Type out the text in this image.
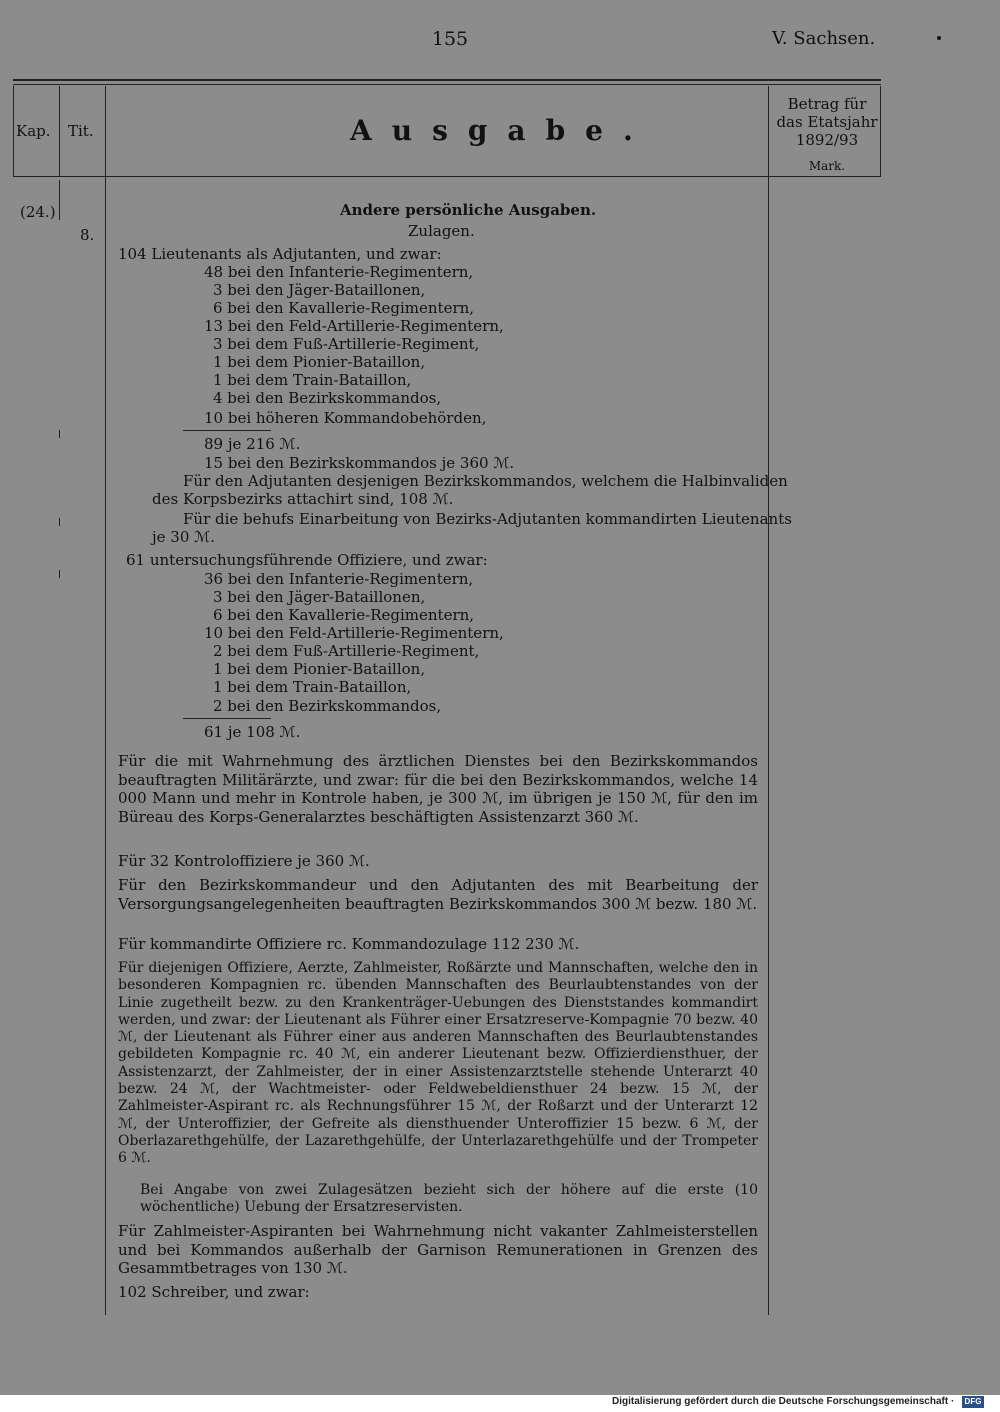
155	V. Sachsen.
Kap. Tit.	Ausgabe.
Betrag für
das Etatsjahr
1892/93
Mark.
(24.)
8.
Andere persönliche Ausgaben.
Zulagen.
104 Lieutenants als Adjutanten, und zwar:
48 bei den Infanterie-Regimentern,
3 bei den Jäger-Bataillonen,
6 bei den Kavallerie-Regimentern,
13 bei den Feld-Artillerie-Regimentern,
3 bei dem Fuß-Artillerie-Regiment,
1 bei dem Pionier-Bataillon,
1 bei dem Train-Bataillon,
4 bei den Bezirkskommandos,
10 bei höheren Kommandobehörden,
89 je 216 ℳ.
15 bei den Bezirkskommandos je 360 ℳ.
Für den Adjutanten desjenigen Bezirkskommandos, welchem die Halbinvaliden
des Korpsbezirks attachirt sind, 108 ℳ.
Für die behufs Einarbeitung von Bezirks-Adjutanten kommandirten Lieutenants
je 30 ℳ.
61 untersuchungsführende Offiziere, und zwar:
36 bei den Infanterie-Regimentern,
3 bei den Jäger-Bataillonen,
6 bei den Kavallerie-Regimentern,
10 bei den Feld-Artillerie-Regimentern,
2 bei dem Fuß-Artillerie-Regiment,
1 bei dem Pionier-Bataillon,
1 bei dem Train-Bataillon,
2 bei den Bezirkskommandos,
61 je 108 ℳ.
Für die mit Wahrnehmung des ärztlichen Dienstes bei den Bezirkskommandos beauftragten Militärärzte, und zwar: für die bei den Bezirkskommandos, welche 14 000 Mann und mehr in Kontrole haben, je 300 ℳ, im übrigen je 150 ℳ, für den im Büreau des Korps-Generalarztes beschäftigten Assistenzarzt 360 ℳ.
Für 32 Kontroloffiziere je 360 ℳ.
Für den Bezirkskommandeur und den Adjutanten des mit Bearbeitung der Versorgungsangelegenheiten beauftragten Bezirkskommandos 300 ℳ bezw. 180 ℳ.
Für kommandirte Offiziere rc. Kommandozulage 112 230 ℳ.
Für diejenigen Offiziere, Aerzte, Zahlmeister, Roßärzte und Mannschaften, welche den in besonderen Kompagnien rc. übenden Mannschaften des Beurlaubtenstandes von der Linie zugetheilt bezw. zu den Krankenträger-Uebungen des Dienststandes kommandirt werden, und zwar: der Lieutenant als Führer einer Ersatzreserve-Kompagnie 70 bezw. 40 ℳ, der Lieutenant als Führer einer aus anderen Mannschaften des Beurlaubtenstandes gebildeten Kompagnie rc. 40 ℳ, ein anderer Lieutenant bezw. Offizierdiensthuer, der Assistenzarzt, der Zahlmeister, der in einer Assistenzarztstelle stehende Unterarzt 40 bezw. 24 ℳ, der Wachtmeister- oder Feldwebeldiensthuer 24 bezw. 15 ℳ, der Zahlmeister-Aspirant rc. als Rechnungsführer 15 ℳ, der Roßarzt und der Unterarzt 12 ℳ, der Unteroffizier, der Gefreite als diensthuender Unteroffizier 15 bezw. 6 ℳ, der Oberlazarethgehülfe, der Lazarethgehülfe, der Unterlazarethgehülfe und der Trompeter 6 ℳ.
Bei Angabe von zwei Zulagesätzen bezieht sich der höhere auf die erste (10 wöchentliche) Uebung der Ersatzreservisten.
Für Zahlmeister-Aspiranten bei Wahrnehmung nicht vakanter Zahlmeisterstellen und bei Kommandos außerhalb der Garnison Remunerationen in Grenzen des Gesammtbetrages von 130 ℳ.
102 Schreiber, und zwar:
Digitalisierung gefördert durch die Deutsche Forschungsgemeinschaft ·	DFG
